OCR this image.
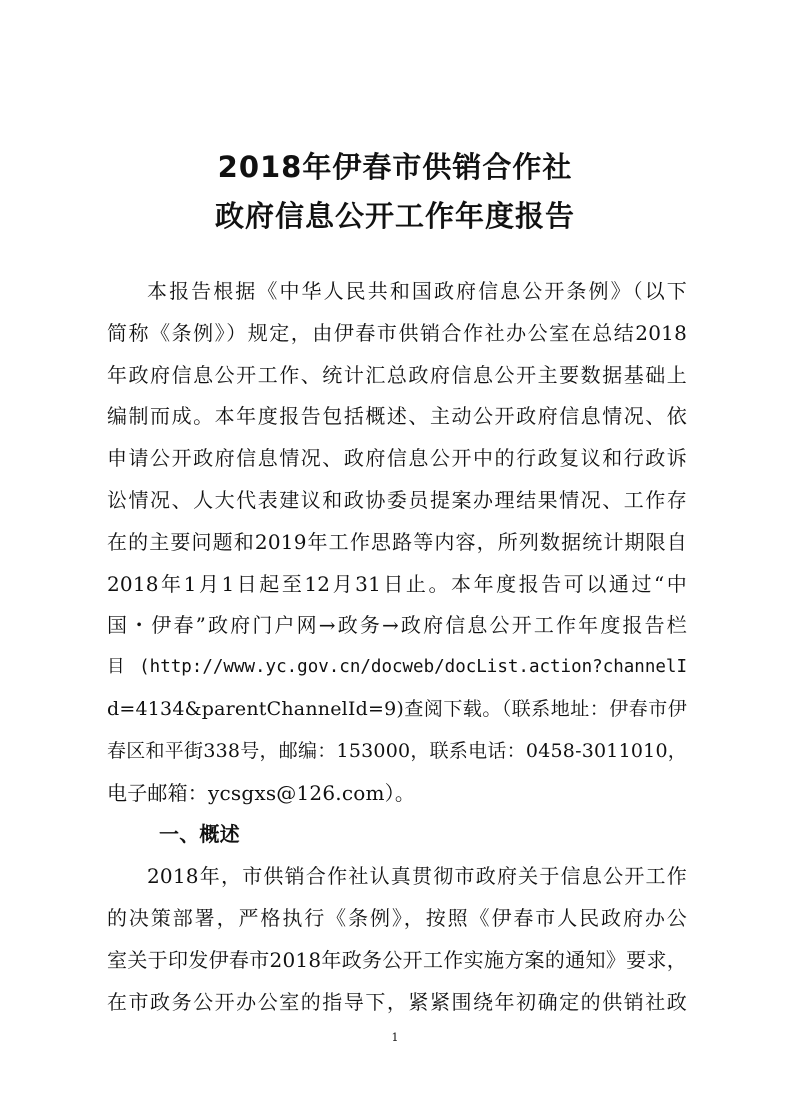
2018年伊春市供销合作社
政府信息公开工作年度报告
本报告根据《中华人民共和国政府信息公开条例》（以下
简称《条例》）规定，由伊春市供销合作社办公室在总结2018
年政府信息公开工作、统计汇总政府信息公开主要数据基础上
编制而成。本年度报告包括概述、主动公开政府信息情况、依
申请公开政府信息情况、政府信息公开中的行政复议和行政诉
讼情况、人大代表建议和政协委员提案办理结果情况、工作存
在的主要问题和2019年工作思路等内容，所列数据统计期限自
2018年1月1日起至12月31日止。本年度报告可以通过“中
国・伊春”政府门户网→政务→政府信息公开工作年度报告栏
目(http://www.yc.gov.cn/docweb/docList.action?channelI
d=4134&parentChannelId=9)查阅下载。（联系地址：伊春市伊
春区和平街338号，邮编：153000，联系电话：0458-3011010，
电子邮箱：ycsgxs@126.com）。
一、概述
2018年，市供销合作社认真贯彻市政府关于信息公开工作
的决策部署，严格执行《条例》，按照《伊春市人民政府办公
室关于印发伊春市2018年政务公开工作实施方案的通知》要求，
在市政务公开办公室的指导下，紧紧围绕年初确定的供销社政
1
